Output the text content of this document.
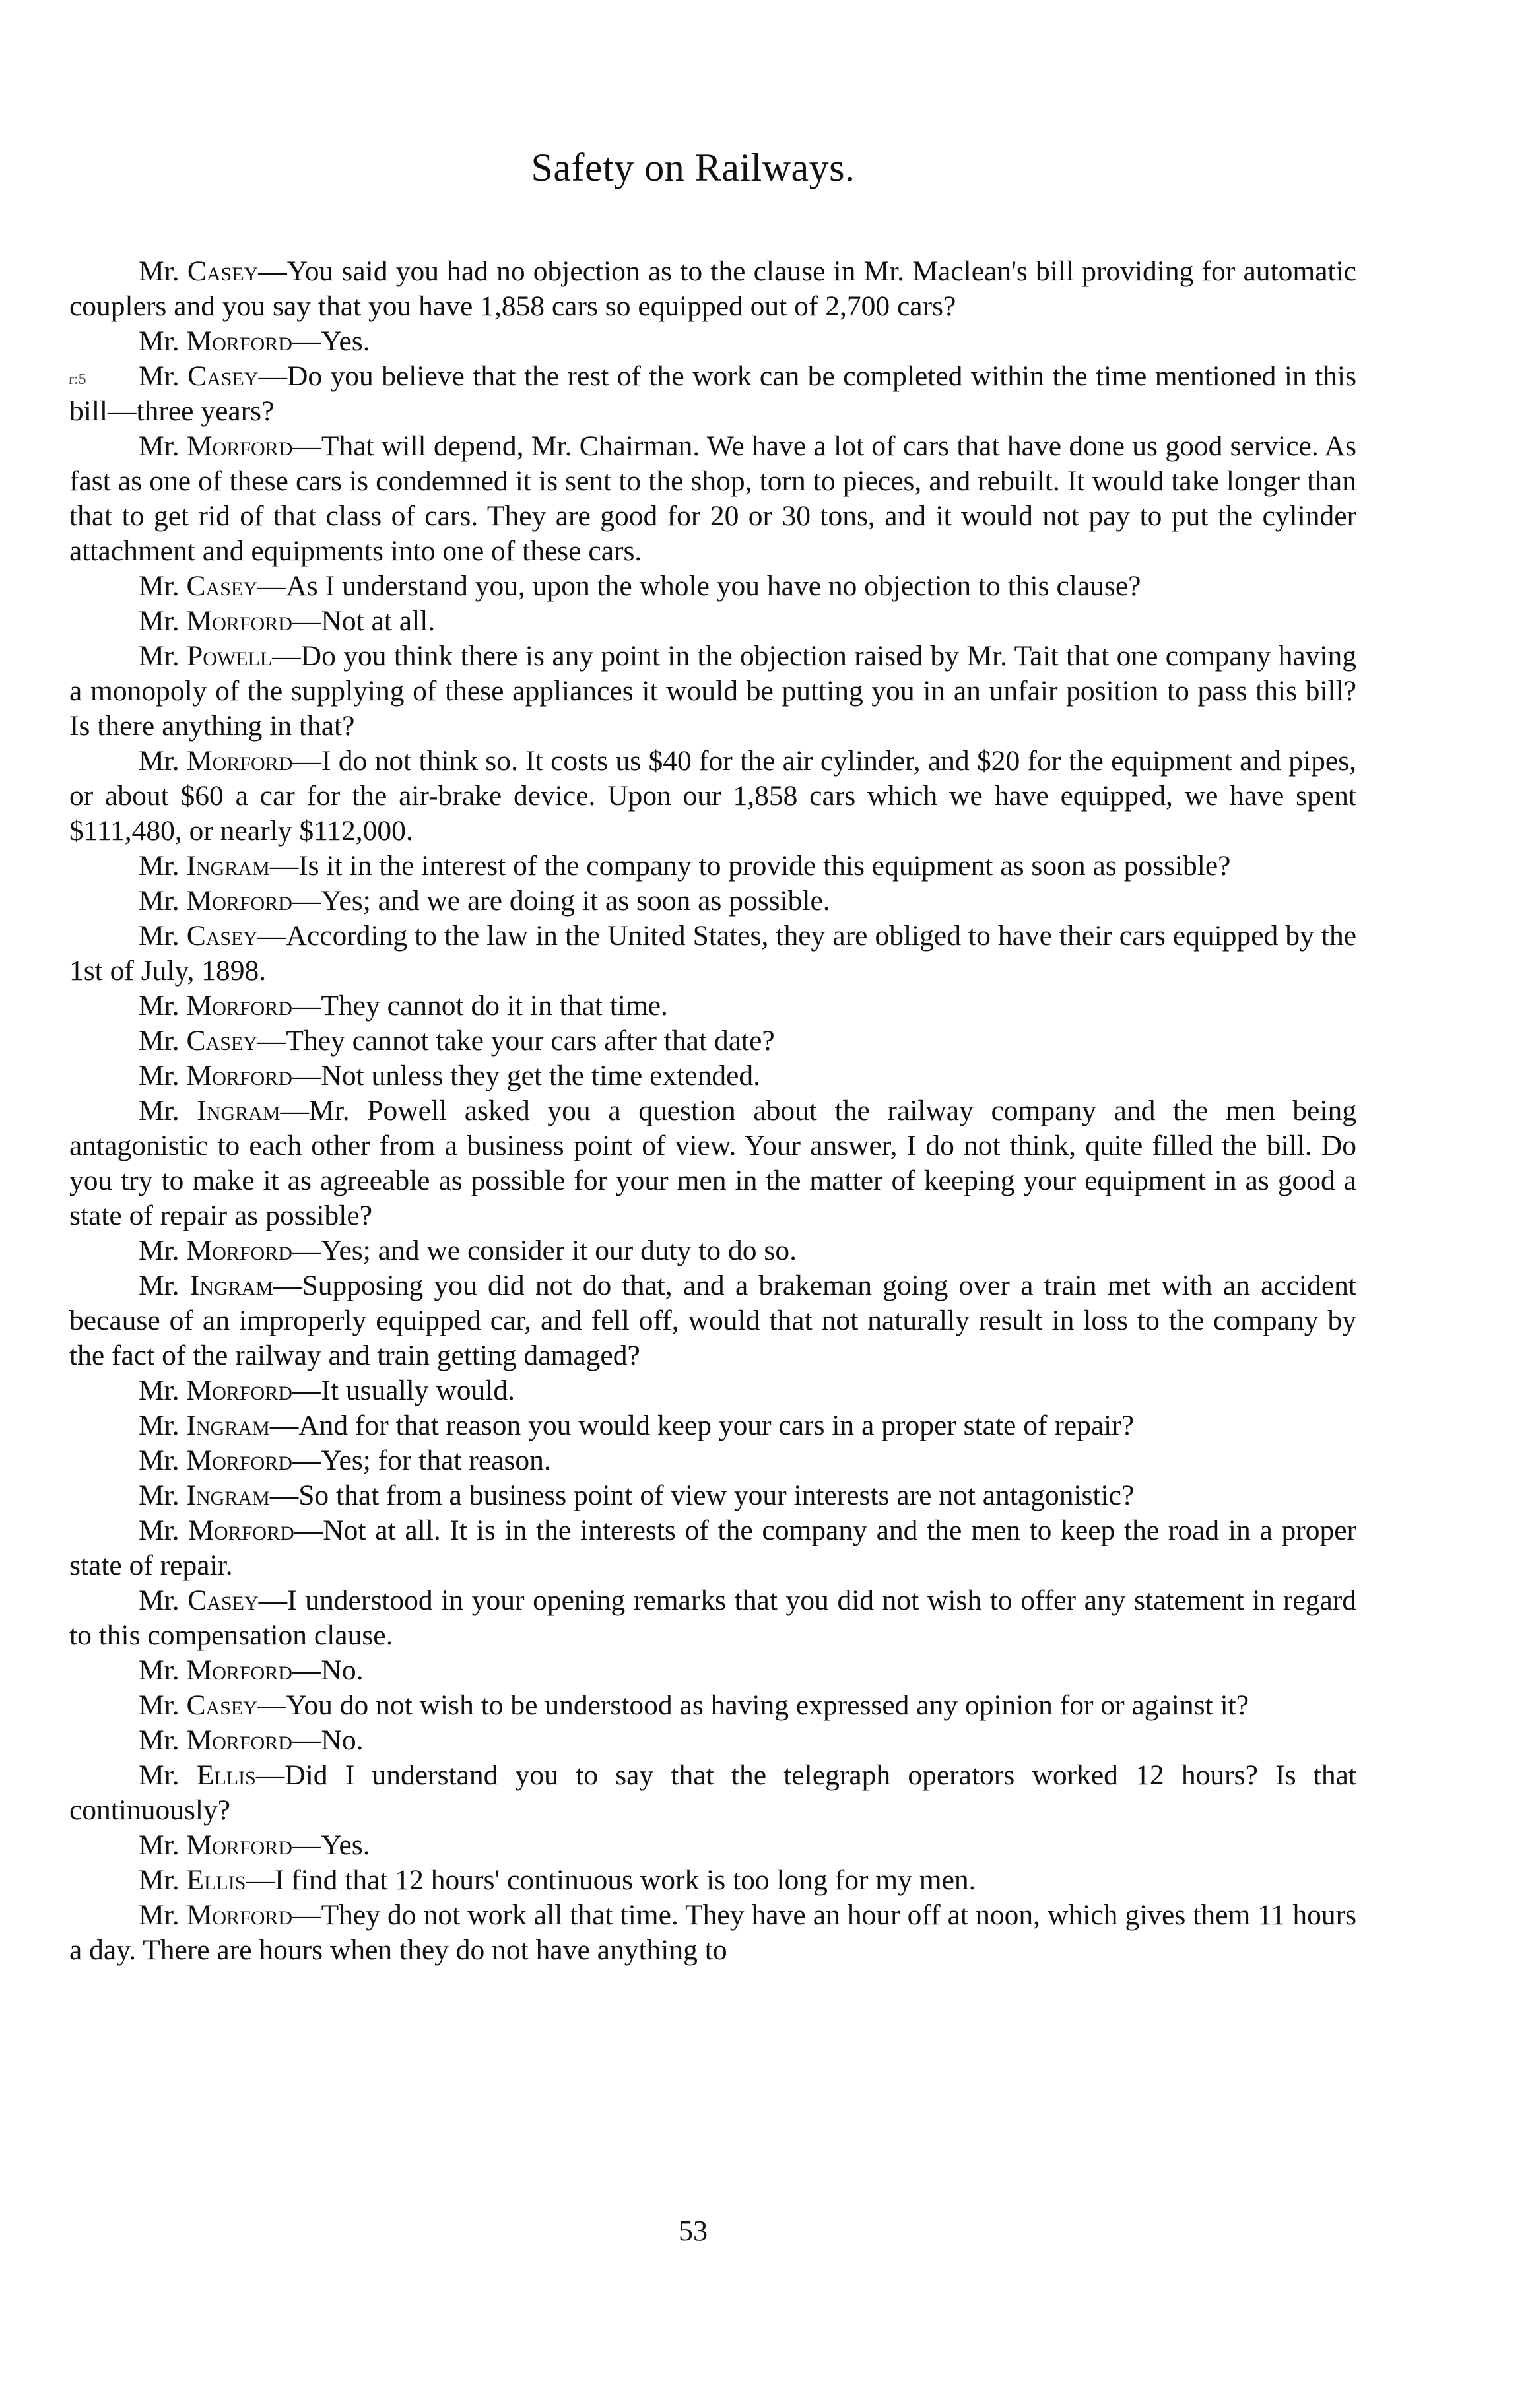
Safety on Railways.
r:5⃞

Mr. Casey—You said you had no objection as to the clause in Mr. Maclean's bill providing for automatic couplers and you say that you have 1,858 cars so equipped out of 2,700 cars?

Mr. Morford—Yes.

Mr. Casey—Do you believe that the rest of the work can be completed within the time mentioned in this bill—three years?

Mr. Morford—That will depend, Mr. Chairman. We have a lot of cars that have done us good service. As fast as one of these cars is condemned it is sent to the shop, torn to pieces, and rebuilt. It would take longer than that to get rid of that class of cars. They are good for 20 or 30 tons, and it would not pay to put the cylinder attachment and equipments into one of these cars.

Mr. Casey—As I understand you, upon the whole you have no objection to this clause?

Mr. Morford—Not at all.

Mr. Powell—Do you think there is any point in the objection raised by Mr. Tait that one company having a monopoly of the supplying of these appliances it would be putting you in an unfair position to pass this bill? Is there anything in that?

Mr. Morford—I do not think so. It costs us $40 for the air cylinder, and $20 for the equipment and pipes, or about $60 a car for the air-brake device. Upon our 1,858 cars which we have equipped, we have spent $111,480, or nearly $112,000.

Mr. Ingram—Is it in the interest of the company to provide this equipment as soon as possible?

Mr. Morford—Yes; and we are doing it as soon as possible.

Mr. Casey—According to the law in the United States, they are obliged to have their cars equipped by the 1st of July, 1898.

Mr. Morford—They cannot do it in that time.

Mr. Casey—They cannot take your cars after that date?

Mr. Morford—Not unless they get the time extended.

Mr. Ingram—Mr. Powell asked you a question about the railway company and the men being antagonistic to each other from a business point of view. Your answer, I do not think, quite filled the bill. Do you try to make it as agreeable as possible for your men in the matter of keeping your equipment in as good a state of repair as possible?

Mr. Morford—Yes; and we consider it our duty to do so.

Mr. Ingram—Supposing you did not do that, and a brakeman going over a train met with an accident because of an improperly equipped car, and fell off, would that not naturally result in loss to the company by the fact of the railway and train getting damaged?

Mr. Morford—It usually would.

Mr. Ingram—And for that reason you would keep your cars in a proper state of repair?

Mr. Morford—Yes; for that reason.

Mr. Ingram—So that from a business point of view your interests are not antagonistic?

Mr. Morford—Not at all. It is in the interests of the company and the men to keep the road in a proper state of repair.

Mr. Casey—I understood in your opening remarks that you did not wish to offer any statement in regard to this compensation clause.

Mr. Morford—No.

Mr. Casey—You do not wish to be understood as having expressed any opinion for or against it?

Mr. Morford—No.

Mr. Ellis—Did I understand you to say that the telegraph operators worked 12 hours? Is that continuously?

Mr. Morford—Yes.

Mr. Ellis—I find that 12 hours' continuous work is too long for my men.

Mr. Morford—They do not work all that time. They have an hour off at noon, which gives them 11 hours a day. There are hours when they do not have anything to

53
